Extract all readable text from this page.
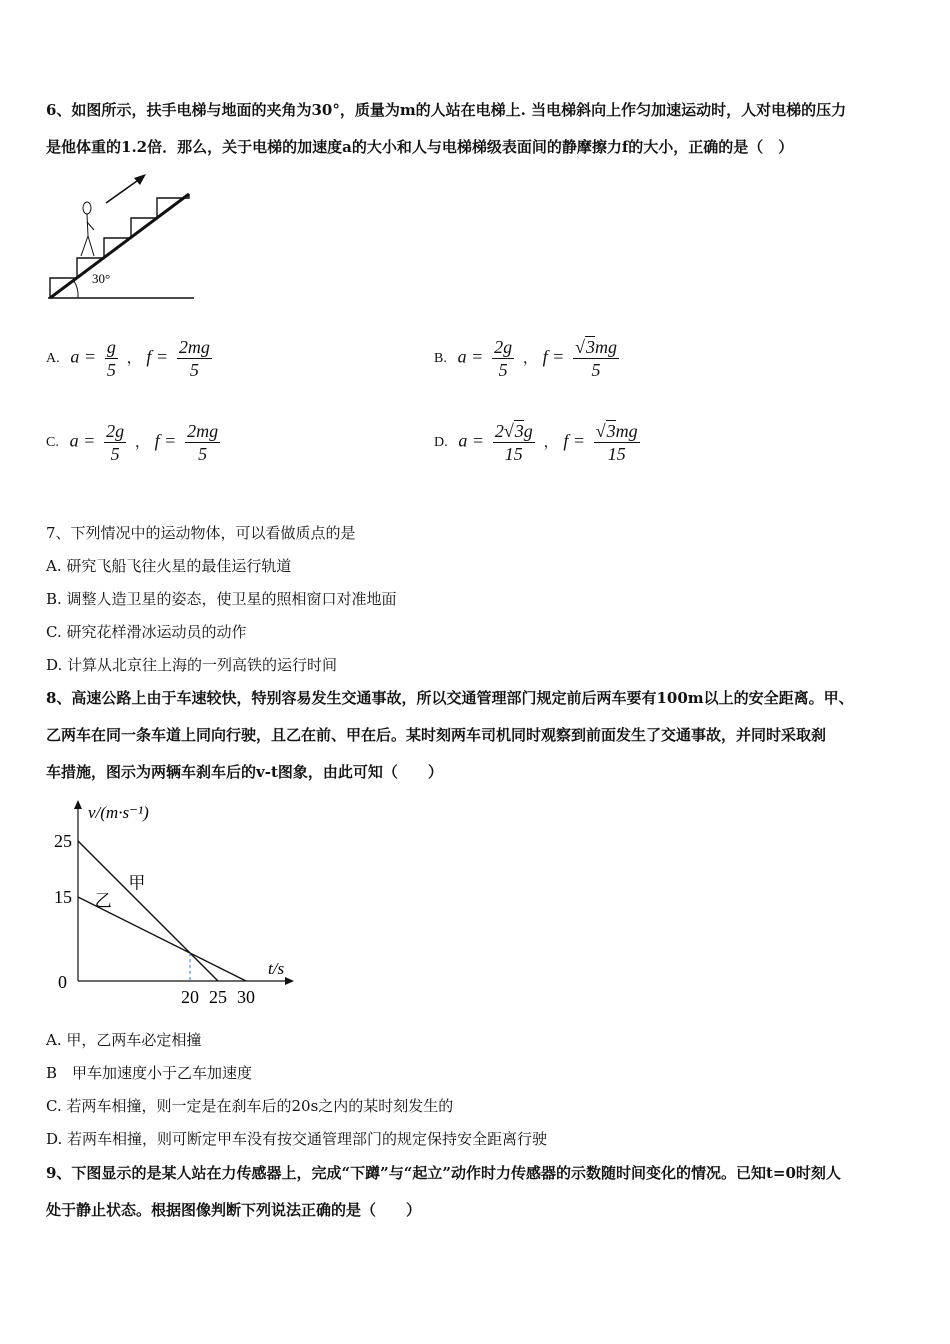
6、如图所示，扶手电梯与地面的夹角为30°，质量为m的人站在电梯上. 当电梯斜向上作匀加速运动时，人对电梯的压力
是他体重的1.2倍．那么，关于电梯的加速度a的大小和人与电梯梯级表面间的静摩擦力f的大小，正确的是（　）
30°
A. $a = \frac{g}{5}$ ， $f = \frac{2mg}{5}$	B. $a = \frac{2g}{5}$ ， $f = \frac{√3mg}{5}$
C. $a = \frac{2g}{5}$ ， $f = \frac{2mg}{5}$	D. $a = \frac{2√3g}{15}$ ， $f = \frac{√3mg}{15}$
7、下列情况中的运动物体，可以看做质点的是
A. 研究飞船飞往火星的最佳运行轨道
B. 调整人造卫星的姿态，使卫星的照相窗口对准地面
C. 研究花样滑冰运动员的动作
D. 计算从北京往上海的一列高铁的运行时间
8、高速公路上由于车速较快，特别容易发生交通事故，所以交通管理部门规定前后两车要有100m以上的安全距离。甲、
乙两车在同一条车道上同向行驶，且乙在前、甲在后。某时刻两车司机同时观察到前面发生了交通事故，并同时采取刹
车措施，图示为两辆车刹车后的v-t图象，由此可知（　　）
v/(m·s⁻¹)
t/s
0
甲
乙
20 25 30
25
15
A. 甲，乙两车必定相撞
B　甲车加速度小于乙车加速度
C. 若两车相撞，则一定是在刹车后的20s之内的某时刻发生的
D. 若两车相撞，则可断定甲车没有按交通管理部门的规定保持安全距离行驶
9、下图显示的是某人站在力传感器上，完成“下蹲”与“起立”动作时力传感器的示数随时间变化的情况。已知t=0时刻人
处于静止状态。根据图像判断下列说法正确的是（　　）
